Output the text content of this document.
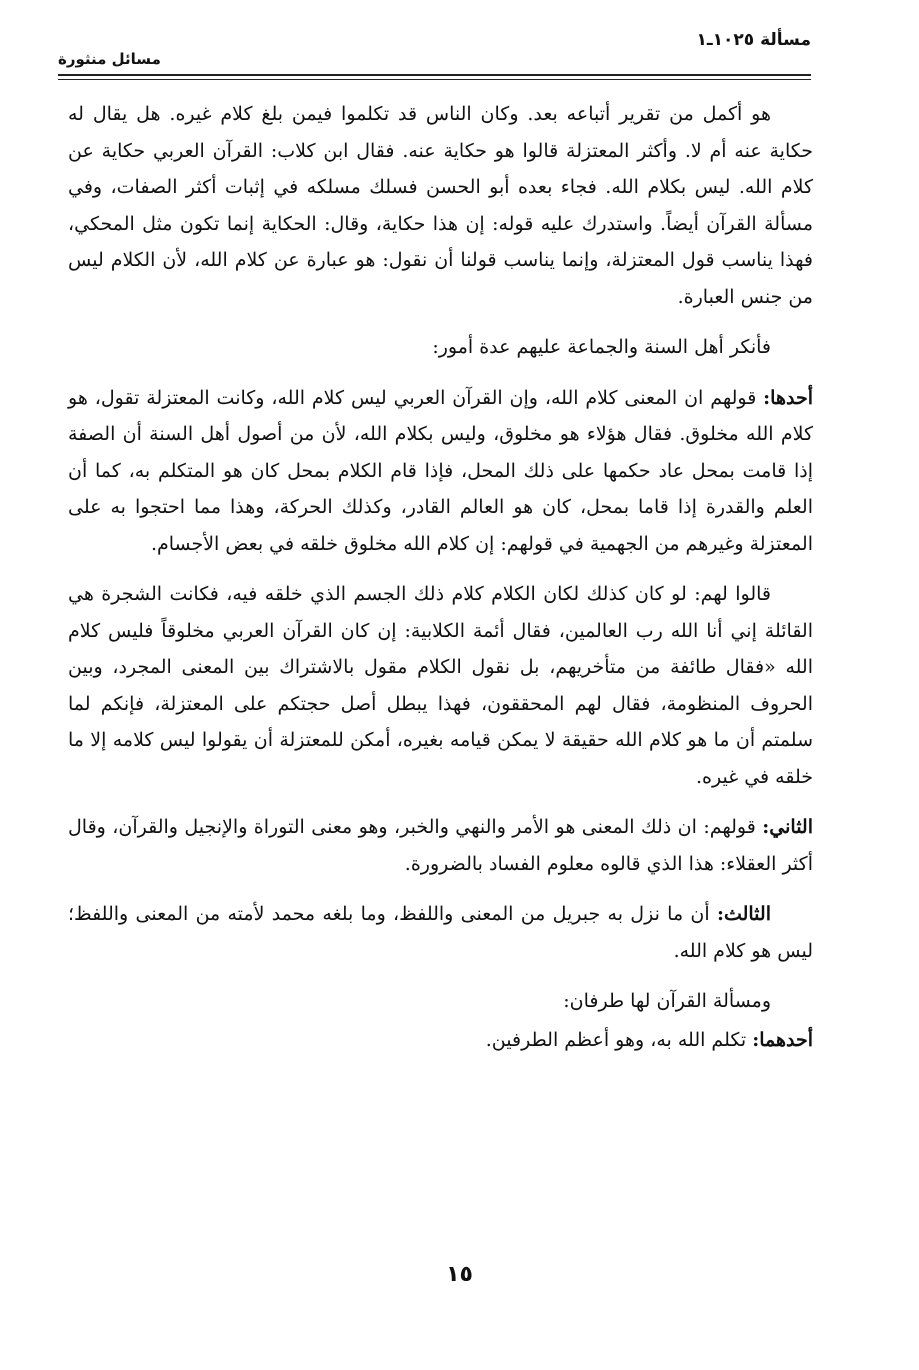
مسألة ١٠٢٥ـ١
مسائل منثورة

هو أكمل من تقرير أتباعه بعد. وكان الناس قد تكلموا فيمن بلغ كلام غيره. هل يقال له حكاية عنه أم لا. وأكثر المعتزلة قالوا هو حكاية عنه. فقال ابن كلاب: القرآن العربي حكاية عن كلام الله. ليس بكلام الله. فجاء بعده أبو الحسن فسلك مسلكه في إثبات أكثر الصفات، وفي مسألة القرآن أيضاً. واستدرك عليه قوله: إن هذا حكاية، وقال: الحكاية إنما تكون مثل المحكي، فهذا يناسب قول المعتزلة، وإنما يناسب قولنا أن نقول: هو عبارة عن كلام الله، لأن الكلام ليس من جنس العبارة.

فأنكر أهل السنة والجماعة عليهم عدة أمور:

أحدها: قولهم ان المعنى كلام الله، وإن القرآن العربي ليس كلام الله، وكانت المعتزلة تقول، هو كلام الله مخلوق. فقال هؤلاء هو مخلوق، وليس بكلام الله، لأن من أصول أهل السنة أن الصفة إذا قامت بمحل عاد حكمها على ذلك المحل، فإذا قام الكلام بمحل كان هو المتكلم به، كما أن العلم والقدرة إذا قاما بمحل، كان هو العالم القادر، وكذلك الحركة، وهذا مما احتجوا به على المعتزلة وغيرهم من الجهمية في قولهم: إن كلام الله مخلوق خلقه في بعض الأجسام.

قالوا لهم: لو كان كذلك لكان الكلام كلام ذلك الجسم الذي خلقه فيه، فكانت الشجرة هي القائلة إني أنا الله رب العالمين، فقال أئمة الكلابية: إن كان القرآن العربي مخلوقاً فليس كلام الله «فقال طائفة من متأخريهم، بل نقول الكلام مقول بالاشتراك بين المعنى المجرد، وبين الحروف المنظومة، فقال لهم المحققون، فهذا يبطل أصل حجتكم على المعتزلة، فإنكم لما سلمتم أن ما هو كلام الله حقيقة لا يمكن قيامه بغيره، أمكن للمعتزلة أن يقولوا ليس كلامه إلا ما خلقه في غيره.

الثاني: قولهم: ان ذلك المعنى هو الأمر والنهي والخبر، وهو معنى التوراة والإنجيل والقرآن، وقال أكثر العقلاء: هذا الذي قالوه معلوم الفساد بالضرورة.

الثالث: أن ما نزل به جبريل من المعنى واللفظ، وما بلغه محمد لأمته من المعنى واللفظ؛ ليس هو كلام الله.

ومسألة القرآن لها طرفان:

أحدهما: تكلم الله به، وهو أعظم الطرفين.

١٥
